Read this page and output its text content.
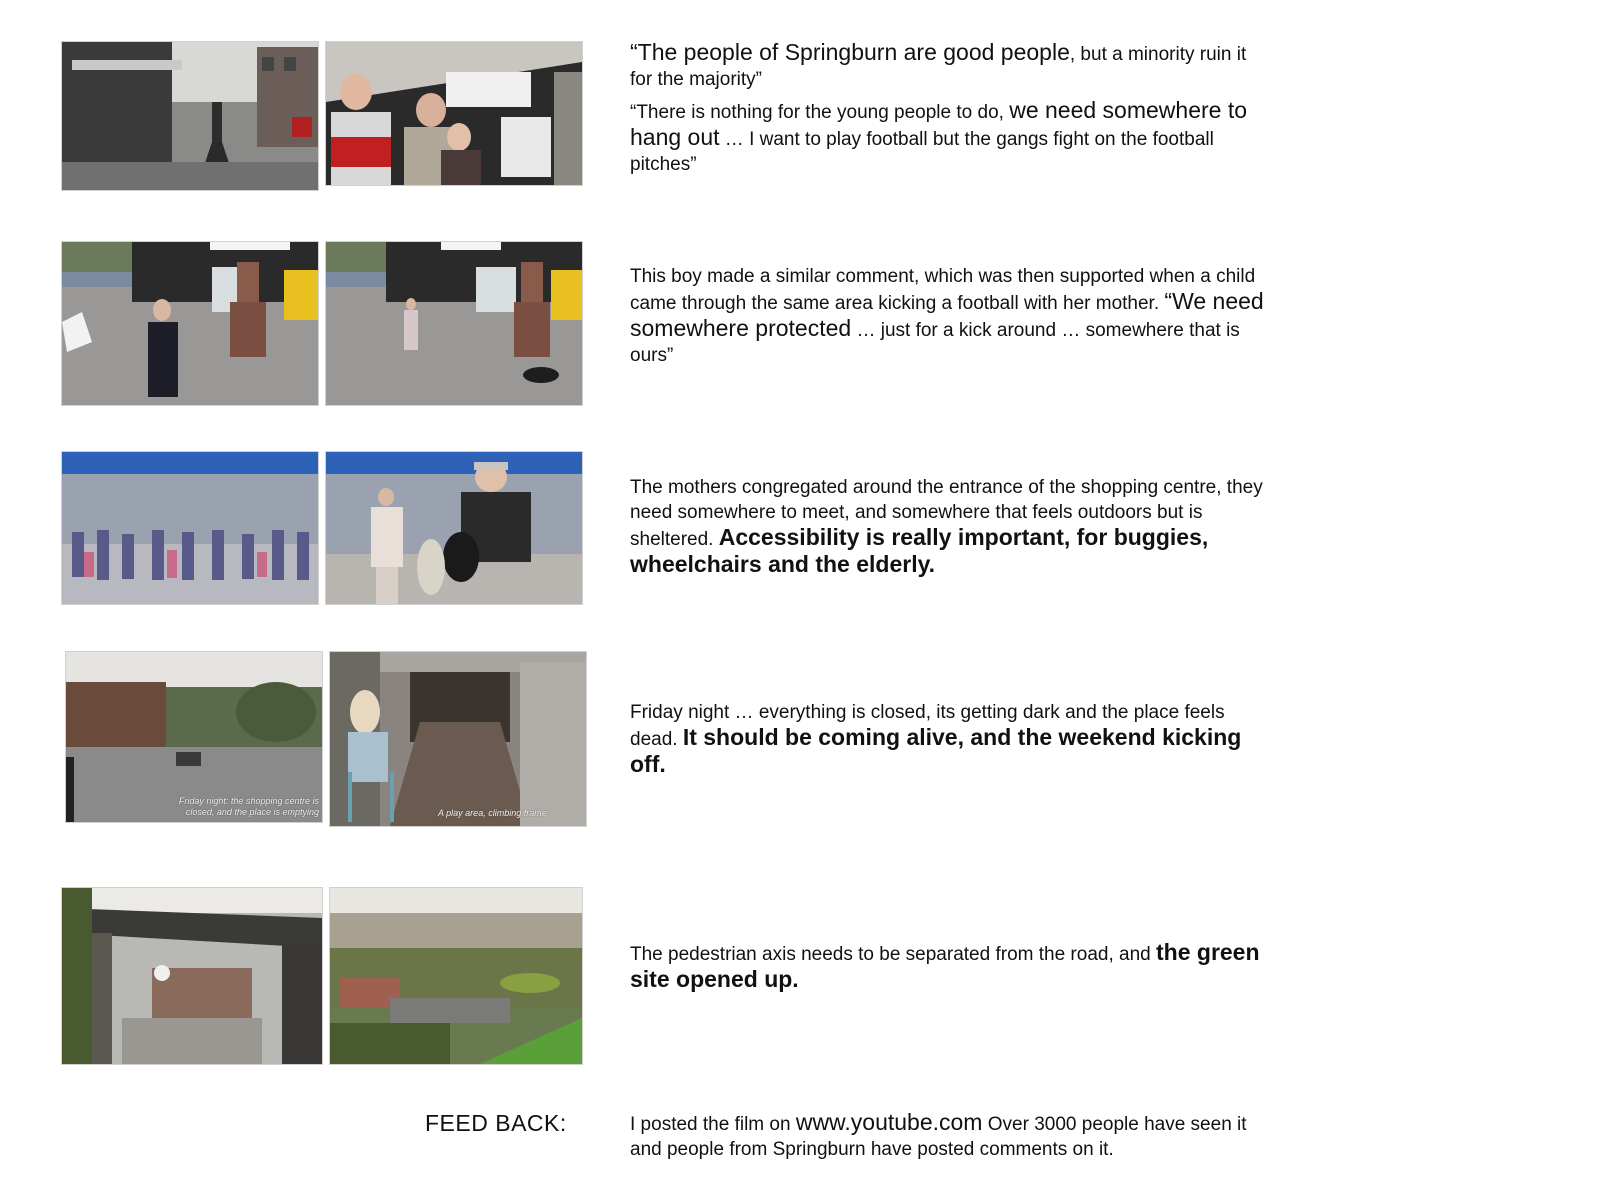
Friday night: the shopping centre is closed, and the place is emptying	A play area, climbing frame

“The people of Springburn are good people, but a minority ruin it for the majority”

“There is nothing for the young people to do, we need somewhere to hang out … I want to play football but the gangs fight on the football pitches”

This boy made a similar comment, which was then supported when a child came through the same area kicking a football with her mother. “We need somewhere protected … just for a kick around … somewhere that is ours”

The mothers congregated around the entrance of the shopping centre, they need somewhere to meet, and somewhere that feels outdoors but is sheltered. Accessibility is really important, for buggies, wheelchairs and the elderly.

Friday night … everything is closed, its getting dark and the place feels dead. It should be coming alive, and the weekend kicking off.

The pedestrian axis needs to be separated from the road, and the green site opened up.

FEED BACK:	I posted the film on www.youtube.com Over 3000 people have seen it and people from Springburn have posted comments on it.
